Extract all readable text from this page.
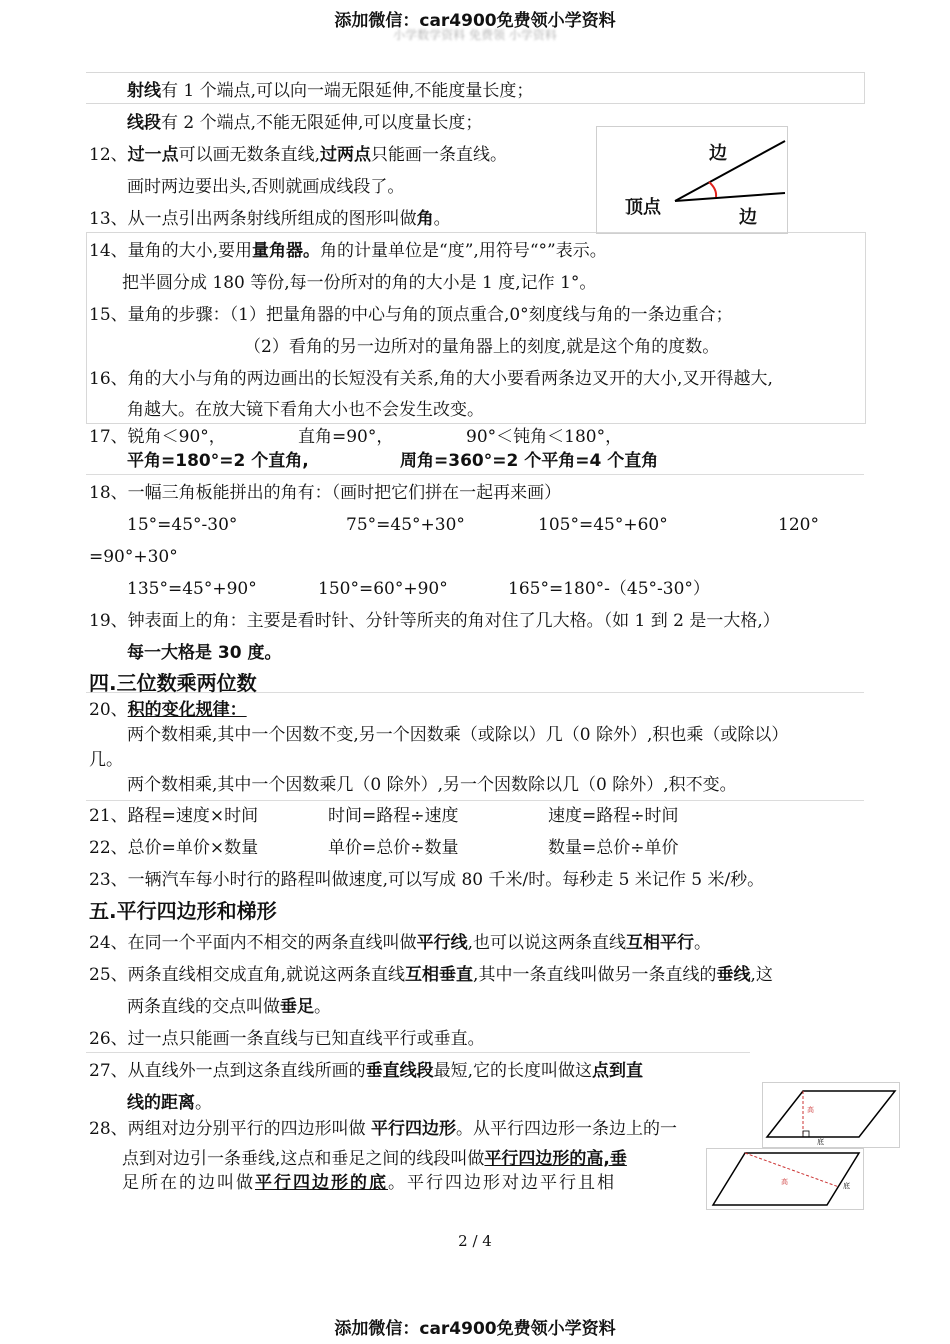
添加微信：car4900免费领小学资料
小学数学资料 免费领 小学资料
射线有 1 个端点,可以向一端无限延伸,不能度量长度；
线段有 2 个端点,不能无限延伸,可以度量长度；
12、过一点可以画无数条直线,过两点只能画一条直线。
画时两边要出头,否则就画成线段了。
13、从一点引出两条射线所组成的图形叫做角。
边
顶点	边
14、量角的大小,要用量角器。角的计量单位是“度”,用符号“°”表示。
把半圆分成 180 等份,每一份所对的角的大小是 1 度,记作 1°。
15、量角的步骤：（1）把量角器的中心与角的顶点重合,0°刻度线与角的一条边重合；
（2）看角的另一边所对的量角器上的刻度,就是这个角的度数。
16、角的大小与角的两边画出的长短没有关系,角的大小要看两条边叉开的大小,叉开得越大,
角越大。在放大镜下看角大小也不会发生改变。
17、锐角＜90°，	直角=90°，	90°＜钝角＜180°，
平角=180°=2 个直角,	周角=360°=2 个平角=4 个直角
18、一幅三角板能拼出的角有：（画时把它们拼在一起再来画）
15°=45°-30°	75°=45°+30°	105°=45°+60°	120°
=90°+30°
135°=45°+90°	150°=60°+90°	165°=180°-（45°-30°）
19、钟表面上的角：主要是看时针、分针等所夹的角对住了几大格。（如 1 到 2 是一大格,）
每一大格是 30 度。
四.三位数乘两位数
20、积的变化规律：
两个数相乘,其中一个因数不变,另一个因数乘（或除以）几（0 除外）,积也乘（或除以）
几。
两个数相乘,其中一个因数乘几（0 除外）,另一个因数除以几（0 除外）,积不变。
21、路程=速度×时间	时间=路程÷速度	速度=路程÷时间
22、总价=单价×数量	单价=总价÷数量	数量=总价÷单价
23、一辆汽车每小时行的路程叫做速度,可以写成 80 千米/时。每秒走 5 米记作 5 米/秒。
五.平行四边形和梯形
24、在同一个平面内不相交的两条直线叫做平行线,也可以说这两条直线互相平行。
25、两条直线相交成直角,就说这两条直线互相垂直,其中一条直线叫做另一条直线的垂线,这
两条直线的交点叫做垂足。
26、过一点只能画一条直线与已知直线平行或垂直。
27、从直线外一点到这条直线所画的垂直线段最短,它的长度叫做这点到直
线的距离。
28、两组对边分别平行的四边形叫做 平行四边形。从平行四边形一条边上的一
点到对边引一条垂线,这点和垂足之间的线段叫做平行四边形的高,垂
足所在的边叫做平行四边形的底。平行四边形对边平行且相
高
底
高	底
2 / 4
添加微信：car4900免费领小学资料
